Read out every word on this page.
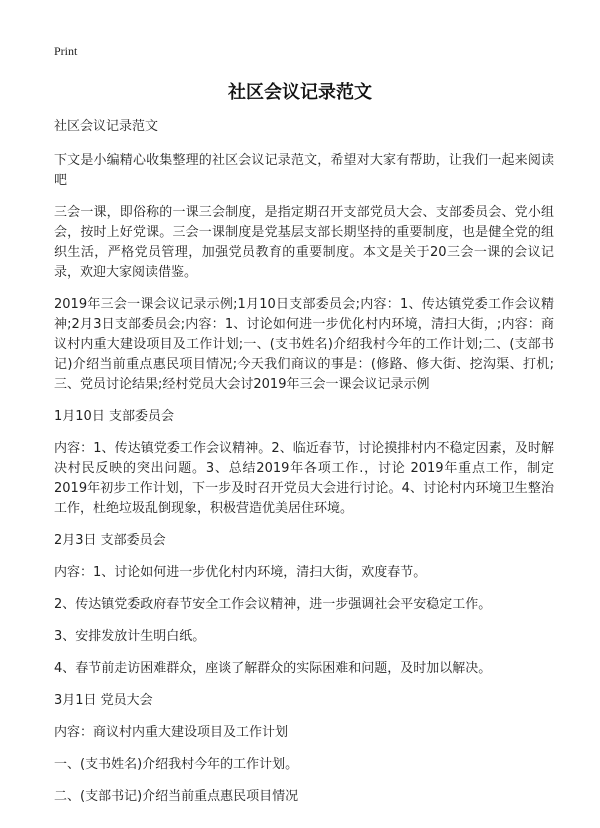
Print
社区会议记录范文

社区会议记录范文

下文是小编精心收集整理的社区会议记录范文，希望对大家有帮助，让我们一起来阅读吧

三会一课，即俗称的一课三会制度，是指定期召开支部党员大会、支部委员会、党小组会，按时上好党课。三会一课制度是党基层支部长期坚持的重要制度，也是健全党的组织生活，严格党员管理，加强党员教育的重要制度。本文是关于20三会一课的会议记录，欢迎大家阅读借鉴。

2019年三会一课会议记录示例;1月10日支部委员会;内容：1、传达镇党委工作会议精神;2月3日支部委员会;内容：1、讨论如何进一步优化村内环境，清扫大街，;内容：商议村内重大建设项目及工作计划;一、(支书姓名)介绍我村今年的工作计划;二、(支部书记)介绍当前重点惠民项目情况;今天我们商议的事是：(修路、修大街、挖沟渠、打机;三、党员讨论结果;经村党员大会讨2019年三会一课会议记录示例

1月10日 支部委员会

内容：1、传达镇党委工作会议精神。2、临近春节，讨论摸排村内不稳定因素，及时解决村民反映的突出问题。3、总结2019年各项工作.，讨论 2019年重点工作，制定2019年初步工作计划，下一步及时召开党员大会进行讨论。4、讨论村内环境卫生整治工作，杜绝垃圾乱倒现象，积极营造优美居住环境。

2月3日 支部委员会

内容：1、讨论如何进一步优化村内环境，清扫大街，欢度春节。

2、传达镇党委政府春节安全工作会议精神，进一步强调社会平安稳定工作。

3、安排发放计生明白纸。

4、春节前走访困难群众，座谈了解群众的实际困难和问题，及时加以解决。

3月1日 党员大会

内容：商议村内重大建设项目及工作计划

一、(支书姓名)介绍我村今年的工作计划。

二、(支部书记)介绍当前重点惠民项目情况
